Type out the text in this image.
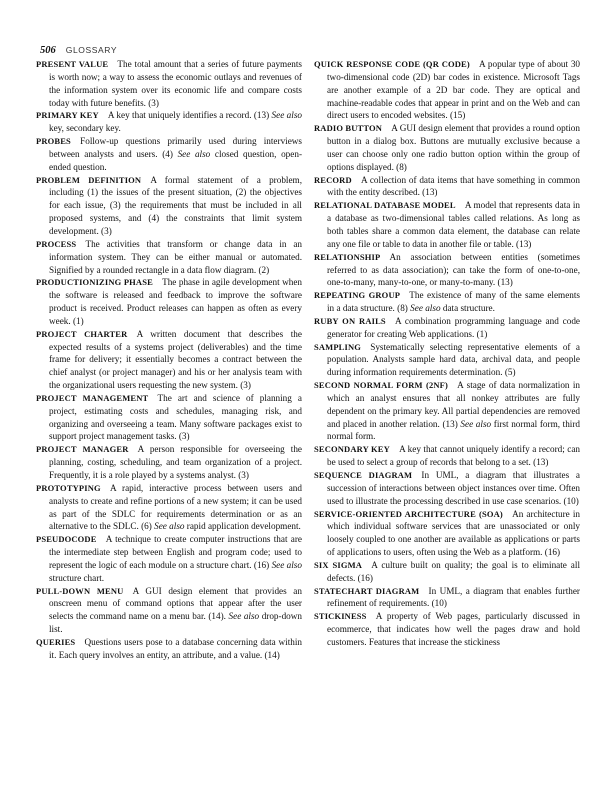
506 GLOSSARY

PRESENT VALUE  The total amount that a series of future payments is worth now; a way to assess the economic outlays and revenues of the information system over its economic life and compare costs today with future benefits. (3)

PRIMARY KEY  A key that uniquely identifies a record. (13) See also key, secondary key.

PROBES  Follow-up questions primarily used during interviews between analysts and users. (4) See also closed question, open-ended question.

PROBLEM DEFINITION  A formal statement of a problem, including (1) the issues of the present situation, (2) the objectives for each issue, (3) the requirements that must be included in all proposed systems, and (4) the constraints that limit system development. (3)

PROCESS  The activities that transform or change data in an information system. They can be either manual or automated. Signified by a rounded rectangle in a data flow diagram. (2)

PRODUCTIONIZING PHASE  The phase in agile development when the software is released and feedback to improve the software product is received. Product releases can happen as often as every week. (1)

PROJECT CHARTER  A written document that describes the expected results of a systems project (deliverables) and the time frame for delivery; it essentially becomes a contract between the chief analyst (or project manager) and his or her analysis team with the organizational users requesting the new system. (3)

PROJECT MANAGEMENT  The art and science of planning a project, estimating costs and schedules, managing risk, and organizing and overseeing a team. Many software packages exist to support project management tasks. (3)

PROJECT MANAGER  A person responsible for overseeing the planning, costing, scheduling, and team organization of a project. Frequently, it is a role played by a systems analyst. (3)

PROTOTYPING  A rapid, interactive process between users and analysts to create and refine portions of a new system; it can be used as part of the SDLC for requirements determination or as an alternative to the SDLC. (6) See also rapid application development.

PSEUDOCODE  A technique to create computer instructions that are the intermediate step between English and program code; used to represent the logic of each module on a structure chart. (16) See also structure chart.

PULL-DOWN MENU  A GUI design element that provides an onscreen menu of command options that appear after the user selects the command name on a menu bar. (14). See also drop-down list.

QUERIES  Questions users pose to a database concerning data within it. Each query involves an entity, an attribute, and a value. (14)

QUICK RESPONSE CODE (QR CODE)  A popular type of about 30 two-dimensional code (2D) bar codes in existence. Microsoft Tags are another example of a 2D bar code. They are optical and machine-readable codes that appear in print and on the Web and can direct users to encoded websites. (15)

RADIO BUTTON  A GUI design element that provides a round option button in a dialog box. Buttons are mutually exclusive because a user can choose only one radio button option within the group of options displayed. (8)

RECORD  A collection of data items that have something in common with the entity described. (13)

RELATIONAL DATABASE MODEL  A model that represents data in a database as two-dimensional tables called relations. As long as both tables share a common data element, the database can relate any one file or table to data in another file or table. (13)

RELATIONSHIP  An association between entities (sometimes referred to as data association); can take the form of one-to-one, one-to-many, many-to-one, or many-to-many. (13)

REPEATING GROUP  The existence of many of the same elements in a data structure. (8) See also data structure.

RUBY ON RAILS  A combination programming language and code generator for creating Web applications. (1)

SAMPLING  Systematically selecting representative elements of a population. Analysts sample hard data, archival data, and people during information requirements determination. (5)

SECOND NORMAL FORM (2NF)  A stage of data normalization in which an analyst ensures that all nonkey attributes are fully dependent on the primary key. All partial dependencies are removed and placed in another relation. (13) See also first normal form, third normal form.

SECONDARY KEY  A key that cannot uniquely identify a record; can be used to select a group of records that belong to a set. (13)

SEQUENCE DIAGRAM  In UML, a diagram that illustrates a succession of interactions between object instances over time. Often used to illustrate the processing described in use case scenarios. (10)

SERVICE-ORIENTED ARCHITECTURE (SOA)  An architecture in which individual software services that are unassociated or only loosely coupled to one another are available as applications or parts of applications to users, often using the Web as a platform. (16)

SIX SIGMA  A culture built on quality; the goal is to eliminate all defects. (16)

STATECHART DIAGRAM  In UML, a diagram that enables further refinement of requirements. (10)

STICKINESS  A property of Web pages, particularly discussed in ecommerce, that indicates how well the pages draw and hold customers. Features that increase the stickiness
